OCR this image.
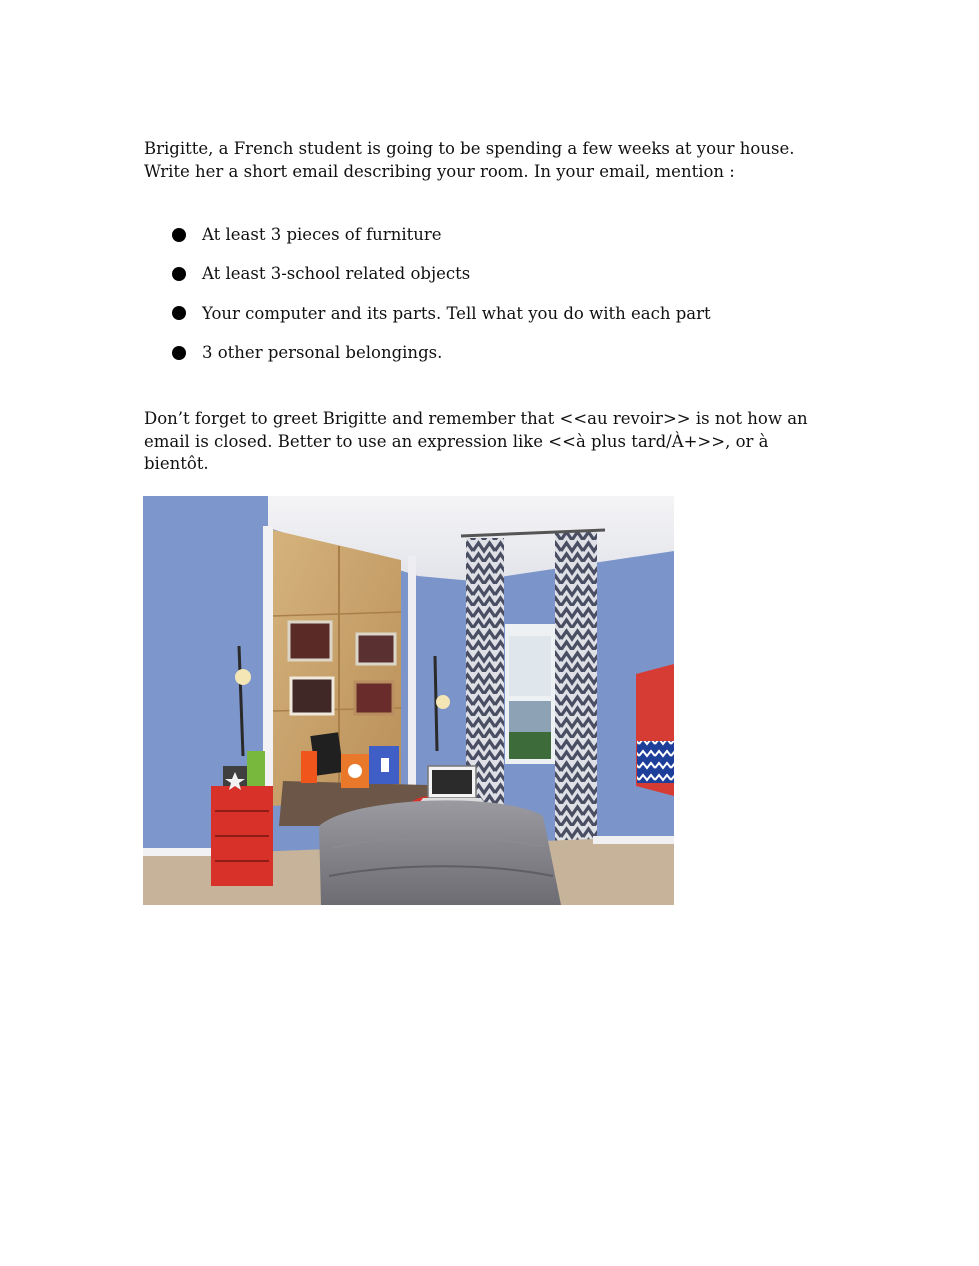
Brigitte, a French student is going to be spending a few weeks at your house. Write her a short email describing your room. In your email, mention :

At least 3 pieces of furniture
At least 3-school related objects
Your computer and its parts. Tell what you do with each part
3 other personal belongings.

Don’t forget to greet Brigitte and remember that <<au revoir>> is not how an email is closed. Better to use an expression like <<à plus tard/À+>>, or à bientôt.
